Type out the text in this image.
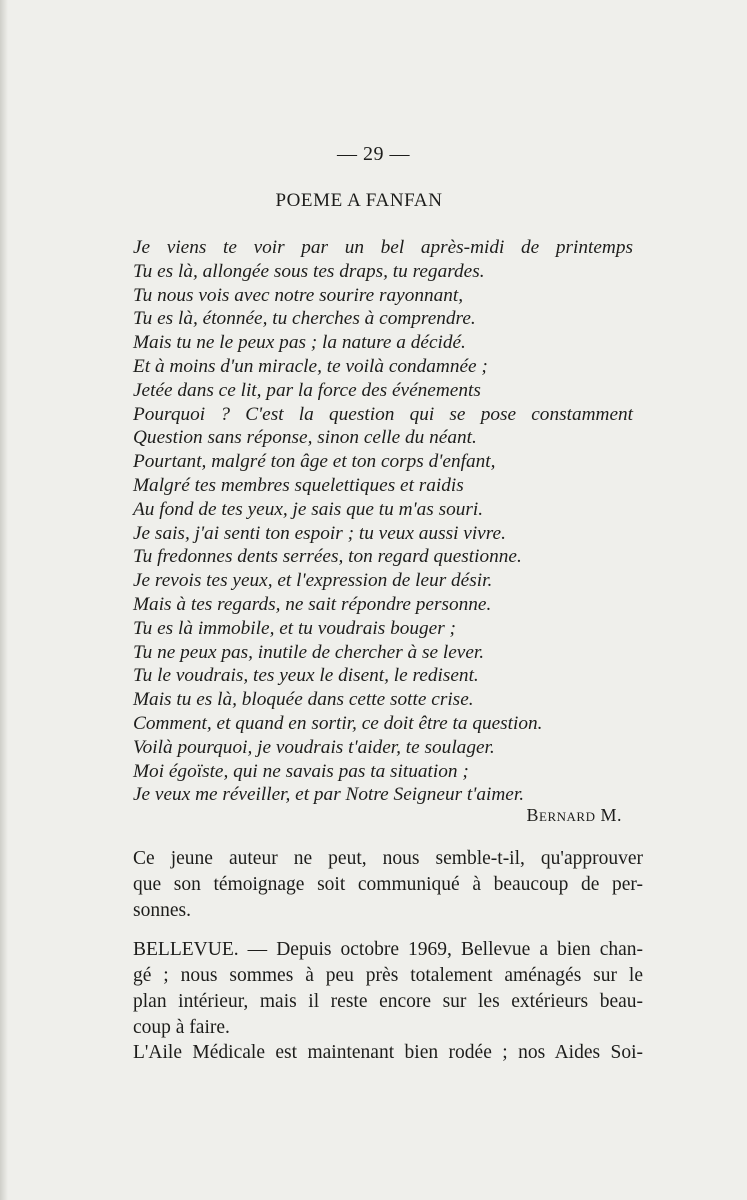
— 29 —
POEME A FANFAN
Je viens te voir par un bel après-midi de printemps
Tu es là, allongée sous tes draps, tu regardes.
Tu nous vois avec notre sourire rayonnant,
Tu es là, étonnée, tu cherches à comprendre.
Mais tu ne le peux pas ; la nature a décidé.
Et à moins d'un miracle, te voilà condamnée ;
Jetée dans ce lit, par la force des événements
Pourquoi ? C'est la question qui se pose constamment
Question sans réponse, sinon celle du néant.
Pourtant, malgré ton âge et ton corps d'enfant,
Malgré tes membres squelettiques et raidis
Au fond de tes yeux, je sais que tu m'as souri.
Je sais, j'ai senti ton espoir ; tu veux aussi vivre.
Tu fredonnes dents serrées, ton regard questionne.
Je revois tes yeux, et l'expression de leur désir.
Mais à tes regards, ne sait répondre personne.
Tu es là immobile, et tu voudrais bouger ;
Tu ne peux pas, inutile de chercher à se lever.
Tu le voudrais, tes yeux le disent, le redisent.
Mais tu es là, bloquée dans cette sotte crise.
Comment, et quand en sortir, ce doit être ta question.
Voilà pourquoi, je voudrais t'aider, te soulager.
Moi égoïste, qui ne savais pas ta situation ;
Je veux me réveiller, et par Notre Seigneur t'aimer.
Bernard M.
Ce jeune auteur ne peut, nous semble-t-il, qu'approuver
que son témoignage soit communiqué à beaucoup de per-
sonnes.
BELLEVUE. — Depuis octobre 1969, Bellevue a bien chan-
gé ; nous sommes à peu près totalement aménagés sur le
plan intérieur, mais il reste encore sur les extérieurs beau-
coup à faire.
L'Aile Médicale est maintenant bien rodée ; nos Aides Soi-
